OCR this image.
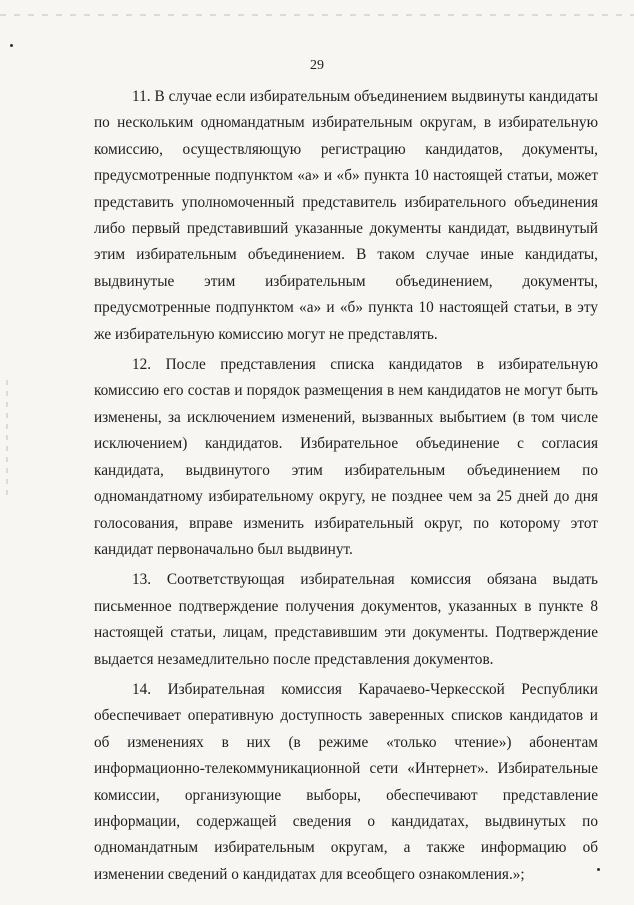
29

11. В случае если избирательным объединением выдвинуты кандидаты по нескольким одномандатным избирательным округам, в избирательную комиссию, осуществляющую регистрацию кандидатов, документы, предусмотренные подпунктом «а» и «б» пункта 10 настоящей статьи, может представить уполномоченный представитель избирательного объединения либо первый представивший указанные документы кандидат, выдвинутый этим избирательным объединением. В таком случае иные кандидаты, выдвинутые этим избирательным объединением, документы, предусмотренные подпунктом «а» и «б» пункта 10 настоящей статьи, в эту же избирательную комиссию могут не представлять.

12. После представления списка кандидатов в избирательную комиссию его состав и порядок размещения в нем кандидатов не могут быть изменены, за исключением изменений, вызванных выбытием (в том числе исключением) кандидатов. Избирательное объединение с согласия кандидата, выдвинутого этим избирательным объединением по одномандатному избирательному округу, не позднее чем за 25 дней до дня голосования, вправе изменить избирательный округ, по которому этот кандидат первоначально был выдвинут.

13. Соответствующая избирательная комиссия обязана выдать письменное подтверждение получения документов, указанных в пункте 8 настоящей статьи, лицам, представившим эти документы. Подтверждение выдается незамедлительно после представления документов.

14. Избирательная комиссия Карачаево-Черкесской Республики обеспечивает оперативную доступность заверенных списков кандидатов и об изменениях в них (в режиме «только чтение») абонентам информационно-телекоммуникационной сети «Интернет». Избирательные комиссии, организующие выборы, обеспечивают представление информации, содержащей сведения о кандидатах, выдвинутых по одномандатным избирательным округам, а также информацию об изменении сведений о кандидатах для всеобщего ознакомления.»;
